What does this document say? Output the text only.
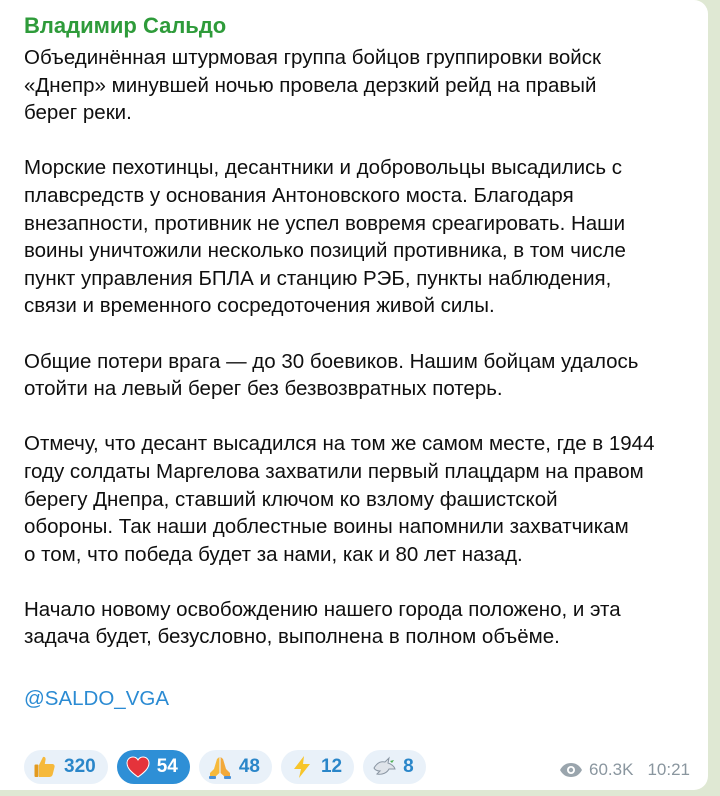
Владимир Сальдо
Объединённая штурмовая группа бойцов группировки войск
«Днепр» минувшей ночью провела дерзкий рейд на правый
берег реки.
Морские пехотинцы, десантники и добровольцы высадились с
плавсредств у основания Антоновского моста. Благодаря
внезапности, противник не успел вовремя среагировать. Наши
воины уничтожили несколько позиций противника, в том числе
пункт управления БПЛА и станцию РЭБ, пункты наблюдения,
связи и временного сосредоточения живой силы.
Общие потери врага — до 30 боевиков. Нашим бойцам удалось
отойти на левый берег без безвозвратных потерь.
Отмечу, что десант высадился на том же самом месте, где в 1944
году солдаты Маргелова захватили первый плацдарм на правом
берегу Днепра, ставший ключом ко взлому фашистской
обороны. Так наши доблестные воины напомнили захватчикам
о том, что победа будет за нами, как и 80 лет назад.
Начало новому освобождению нашего города положено, и эта
задача будет, безусловно, выполнена в полном объёме.
@SALDO_VGA
320	54	48	12	8	60.3K 10:21
